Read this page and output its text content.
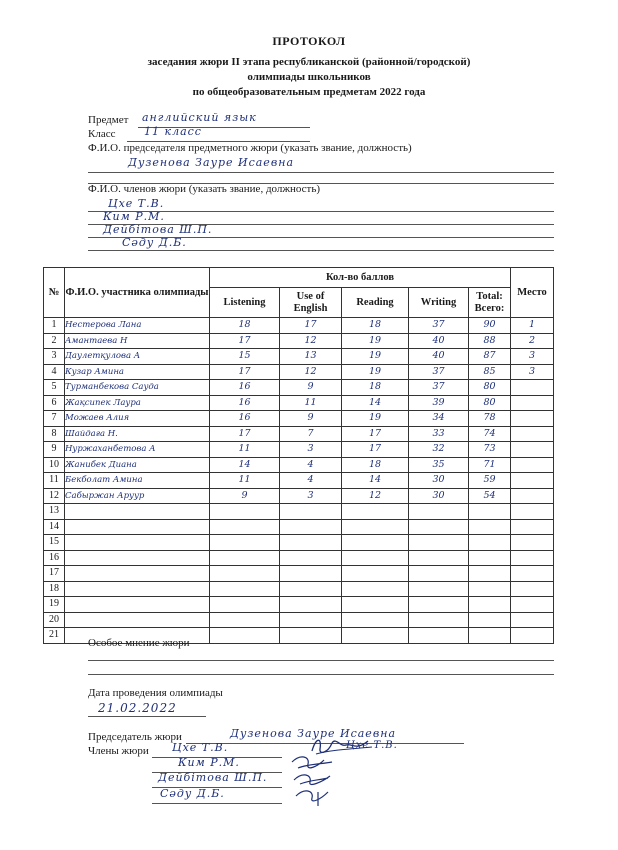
ПРОТОКОЛ
заседания жюри II этапа республиканской (районной/городской)
олимпиады школьников
по общеобразовательным предметам 2022 года
Предмет английский язык
Класс	11 класс
Ф.И.О. председателя предметного жюри (указать звание, должность)
Дузенова Зауре Исаевна
Ф.И.О. членов жюри (указать звание, должность)
Цхе Т.В.
Ким Р.М.
Дейбітова Ш.П.
Сәду Д.Б.
№	Ф.И.О. участника олимпиады	Кол-во баллов					Место
		Listening	Use of English	Reading	Writing	Total: Всего:	
1	Нестерова Лана	18	17	18	37	90	1
2	Амантаева Н	17	12	19	40	88	2
3	Даулетқулова А	15	13	19	40	87	3
4	Кузар Амина	17	12	19	37	85	3
5	Турманбекова Сауда	16	9	18	37	80	
6	Жақсипек Лаура	16	11	14	39	80	
7	Можаев Алия	16	9	19	34	78	
8	Шайдаға Н.	17	7	17	33	74	
9	Нуржаханбетова А	11	3	17	32	73	
10	Жанибек Диана	14	4	18	35	71	
11	Бекболат Амина	11	4	14	30	59	
12	Сабыржан Аруур	9	3	12	30	54	
13							
14							
15							
16							
17							
18							
19							
20							
21							
Особое мнение жюри
Дата проведения олимпиады
21.02.2022
Председатель жюри	Дузенова Зауре Исаевна
Члены жюри Цхе Т.В.
Ким Р.М.
Дейбітова Ш.П.
Сәду Д.Б.
Цхе Т.В.
